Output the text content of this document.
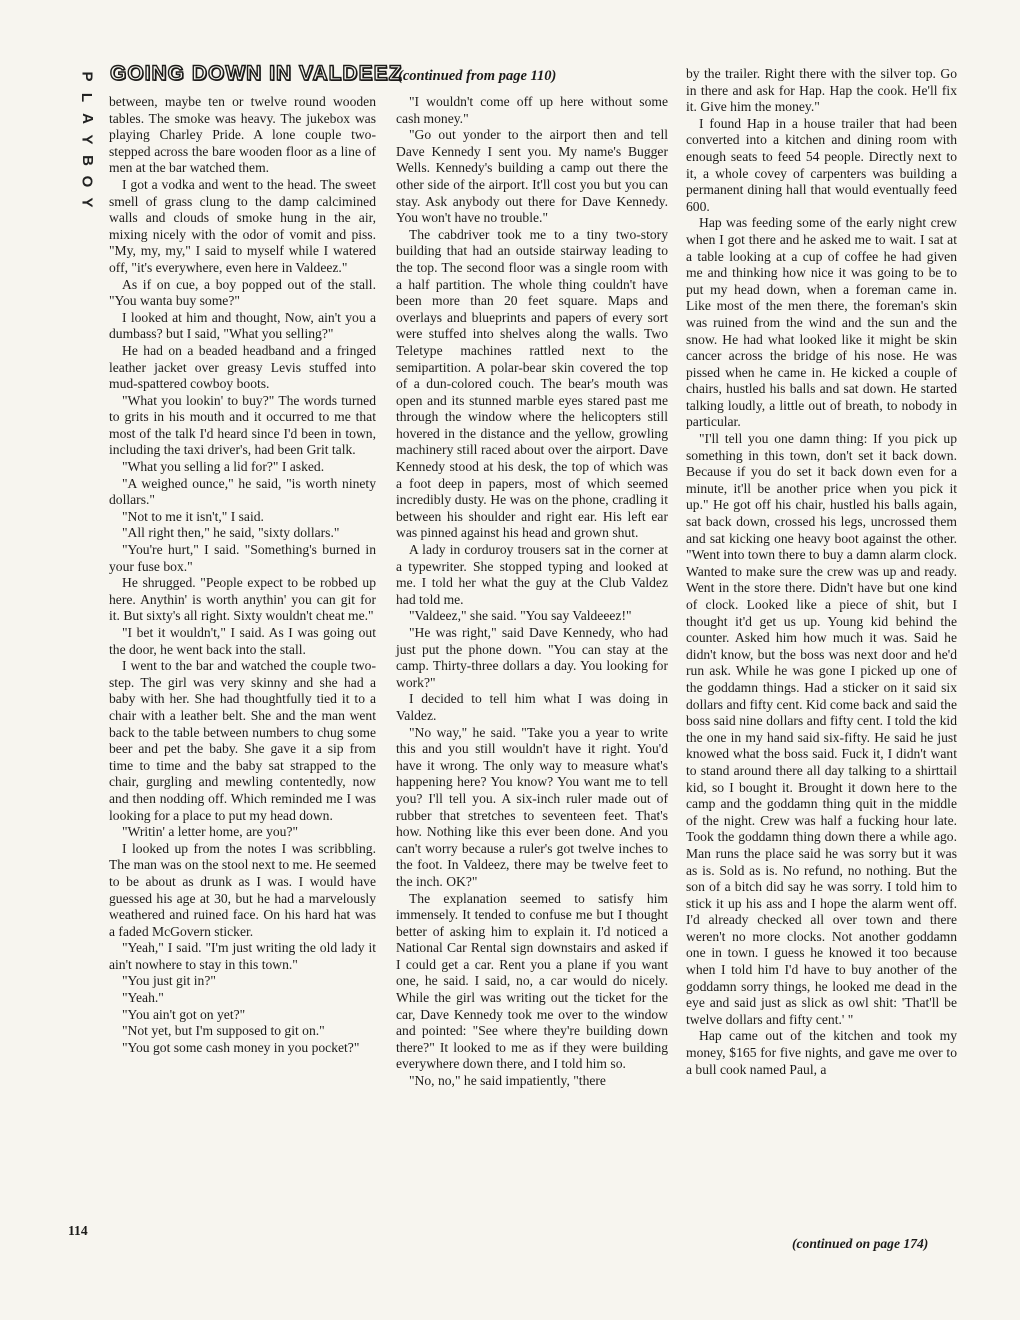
P
L
A
Y
B
O
Y
GOING DOWN IN VALDEEZ
(continued from page 110)

between, maybe ten or twelve round wooden tables. The smoke was heavy. The jukebox was playing Charley Pride. A lone couple two-stepped across the bare wooden floor as a line of men at the bar watched them.

I got a vodka and went to the head. The sweet smell of grass clung to the damp calcimined walls and clouds of smoke hung in the air, mixing nicely with the odor of vomit and piss. "My, my, my," I said to myself while I watered off, "it's everywhere, even here in Valdeez."

As if on cue, a boy popped out of the stall. "You wanta buy some?"

I looked at him and thought, Now, ain't you a dumbass? but I said, "What you selling?"

He had on a beaded headband and a fringed leather jacket over greasy Levis stuffed into mud-spattered cowboy boots.

"What you lookin' to buy?" The words turned to grits in his mouth and it occurred to me that most of the talk I'd heard since I'd been in town, including the taxi driver's, had been Grit talk.

"What you selling a lid for?" I asked.

"A weighed ounce," he said, "is worth ninety dollars."

"Not to me it isn't," I said.

"All right then," he said, "sixty dollars."

"You're hurt," I said. "Something's burned in your fuse box."

He shrugged. "People expect to be robbed up here. Anythin' is worth anythin' you can git for it. But sixty's all right. Sixty wouldn't cheat me."

"I bet it wouldn't," I said. As I was going out the door, he went back into the stall.

I went to the bar and watched the couple two-step. The girl was very skinny and she had a baby with her. She had thoughtfully tied it to a chair with a leather belt. She and the man went back to the table between numbers to chug some beer and pet the baby. She gave it a sip from time to time and the baby sat strapped to the chair, gurgling and mewling contentedly, now and then nodding off. Which reminded me I was looking for a place to put my head down.

"Writin' a letter home, are you?"

I looked up from the notes I was scribbling. The man was on the stool next to me. He seemed to be about as drunk as I was. I would have guessed his age at 30, but he had a marvelously weathered and ruined face. On his hard hat was a faded McGovern sticker.

"Yeah," I said. "I'm just writing the old lady it ain't nowhere to stay in this town."

"You just git in?"

"Yeah."

"You ain't got on yet?"

"Not yet, but I'm supposed to git on."

"You got some cash money in you pocket?"

"I wouldn't come off up here without some cash money."

"Go out yonder to the airport then and tell Dave Kennedy I sent you. My name's Bugger Wells. Kennedy's building a camp out there the other side of the airport. It'll cost you but you can stay. Ask anybody out there for Dave Kennedy. You won't have no trouble."

The cabdriver took me to a tiny two-story building that had an outside stairway leading to the top. The second floor was a single room with a half partition. The whole thing couldn't have been more than 20 feet square. Maps and overlays and blueprints and papers of every sort were stuffed into shelves along the walls. Two Teletype machines rattled next to the semipartition. A polar-bear skin covered the top of a dun-colored couch. The bear's mouth was open and its stunned marble eyes stared past me through the window where the helicopters still hovered in the distance and the yellow, growling machinery still raced about over the airport. Dave Kennedy stood at his desk, the top of which was a foot deep in papers, most of which seemed incredibly dusty. He was on the phone, cradling it between his shoulder and right ear. His left ear was pinned against his head and grown shut.

A lady in corduroy trousers sat in the corner at a typewriter. She stopped typing and looked at me. I told her what the guy at the Club Valdez had told me.

"Valdeez," she said. "You say Valdeeez!"

"He was right," said Dave Kennedy, who had just put the phone down. "You can stay at the camp. Thirty-three dollars a day. You looking for work?"

I decided to tell him what I was doing in Valdez.

"No way," he said. "Take you a year to write this and you still wouldn't have it right. You'd have it wrong. The only way to measure what's happening here? You know? You want me to tell you? I'll tell you. A six-inch ruler made out of rubber that stretches to seventeen feet. That's how. Nothing like this ever been done. And you can't worry because a ruler's got twelve inches to the foot. In Valdeez, there may be twelve feet to the inch. OK?"

The explanation seemed to satisfy him immensely. It tended to confuse me but I thought better of asking him to explain it. I'd noticed a National Car Rental sign downstairs and asked if I could get a car. Rent you a plane if you want one, he said. I said, no, a car would do nicely. While the girl was writing out the ticket for the car, Dave Kennedy took me over to the window and pointed: "See where they're building down there?" It looked to me as if they were building everywhere down there, and I told him so.

"No, no," he said impatiently, "there

by the trailer. Right there with the silver top. Go in there and ask for Hap. Hap the cook. He'll fix it. Give him the money."

I found Hap in a house trailer that had been converted into a kitchen and dining room with enough seats to feed 54 people. Directly next to it, a whole covey of carpenters was building a permanent dining hall that would eventually feed 600.

Hap was feeding some of the early night crew when I got there and he asked me to wait. I sat at a table looking at a cup of coffee he had given me and thinking how nice it was going to be to put my head down, when a foreman came in. Like most of the men there, the foreman's skin was ruined from the wind and the sun and the snow. He had what looked like it might be skin cancer across the bridge of his nose. He was pissed when he came in. He kicked a couple of chairs, hustled his balls and sat down. He started talking loudly, a little out of breath, to nobody in particular.

"I'll tell you one damn thing: If you pick up something in this town, don't set it back down. Because if you do set it back down even for a minute, it'll be another price when you pick it up." He got off his chair, hustled his balls again, sat back down, crossed his legs, uncrossed them and sat kicking one heavy boot against the other. "Went into town there to buy a damn alarm clock. Wanted to make sure the crew was up and ready. Went in the store there. Didn't have but one kind of clock. Looked like a piece of shit, but I thought it'd get us up. Young kid behind the counter. Asked him how much it was. Said he didn't know, but the boss was next door and he'd run ask. While he was gone I picked up one of the goddamn things. Had a sticker on it said six dollars and fifty cent. Kid come back and said the boss said nine dollars and fifty cent. I told the kid the one in my hand said six-fifty. He said he just knowed what the boss said. Fuck it, I didn't want to stand around there all day talking to a shirttail kid, so I bought it. Brought it down here to the camp and the goddamn thing quit in the middle of the night. Crew was half a fucking hour late. Took the goddamn thing down there a while ago. Man runs the place said he was sorry but it was as is. Sold as is. No refund, no nothing. But the son of a bitch did say he was sorry. I told him to stick it up his ass and I hope the alarm went off. I'd already checked all over town and there weren't no more clocks. Not another goddamn one in town. I guess he knowed it too because when I told him I'd have to buy another of the goddamn sorry things, he looked me dead in the eye and said just as slick as owl shit: 'That'll be twelve dollars and fifty cent.' "

Hap came out of the kitchen and took my money, $165 for five nights, and gave me over to a bull cook named Paul, a

114
(continued on page 174)
